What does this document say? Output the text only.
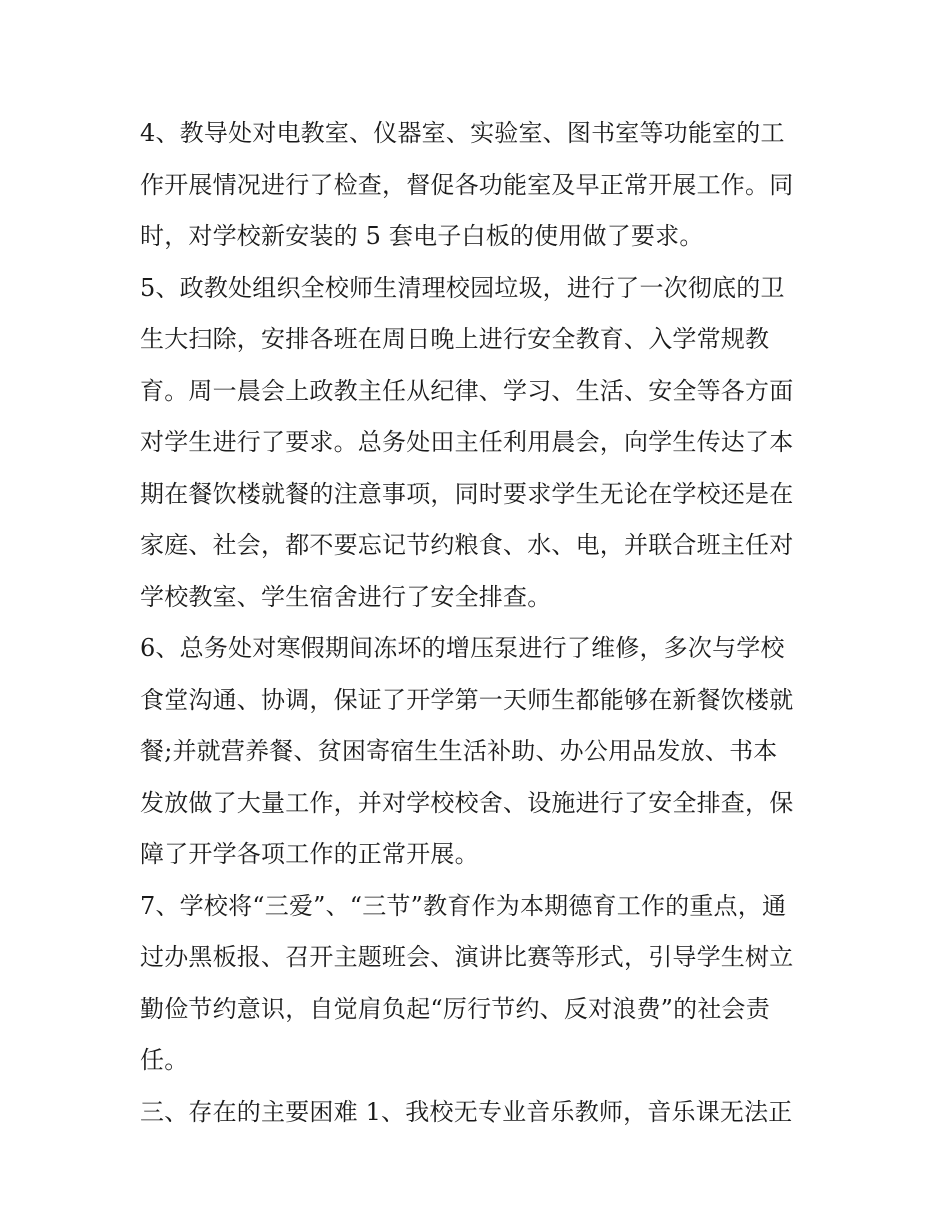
4、教导处对电教室、仪器室、实验室、图书室等功能室的工
作开展情况进行了检查，督促各功能室及早正常开展工作。同
时，对学校新安装的 5 套电子白板的使用做了要求。
5、政教处组织全校师生清理校园垃圾，进行了一次彻底的卫
生大扫除，安排各班在周日晚上进行安全教育、入学常规教
育。周一晨会上政教主任从纪律、学习、生活、安全等各方面
对学生进行了要求。总务处田主任利用晨会，向学生传达了本
期在餐饮楼就餐的注意事项，同时要求学生无论在学校还是在
家庭、社会，都不要忘记节约粮食、水、电，并联合班主任对
学校教室、学生宿舍进行了安全排查。
6、总务处对寒假期间冻坏的增压泵进行了维修，多次与学校
食堂沟通、协调，保证了开学第一天师生都能够在新餐饮楼就
餐;并就营养餐、贫困寄宿生生活补助、办公用品发放、书本
发放做了大量工作，并对学校校舍、设施进行了安全排查，保
障了开学各项工作的正常开展。
7、学校将“三爱”、“三节”教育作为本期德育工作的重点，通
过办黑板报、召开主题班会、演讲比赛等形式，引导学生树立
勤俭节约意识，自觉肩负起“厉行节约、反对浪费”的社会责
任。
三、存在的主要困难 1、我校无专业音乐教师，音乐课无法正
